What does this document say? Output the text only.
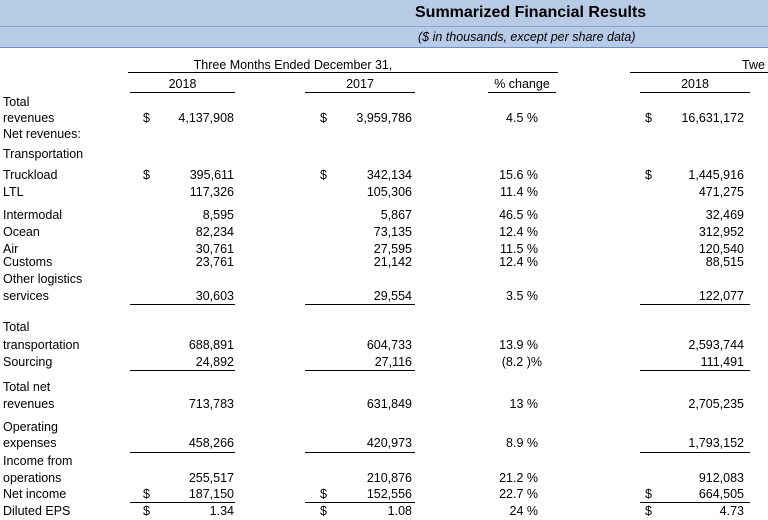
Summarized Financial Results
($ in thousands, except per share data)
Three Months Ended December 31,	Twe
2018	2017	% change	2018
Total
revenues	$	4,137,908	$	3,959,786	4.5 %	$	16,631,172
Net revenues:
Transportation
Truckload	$	395,611	$	342,134	15.6 %	$	1,445,916
LTL	117,326	105,306	11.4 %	471,275
Intermodal	8,595	5,867	46.5 %	32,469
Ocean	82,234	73,135	12.4 %	312,952
Air	30,761	27,595	11.5 %	120,540
Customs	23,761	21,142	12.4 %	88,515
Other logistics
services	30,603	29,554	3.5 %	122,077
Total
transportation	688,891	604,733	13.9 %	2,593,744
Sourcing	24,892	27,116	(8.2 )%	111,491
Total net
revenues	713,783	631,849	13 %	2,705,235
Operating
expenses	458,266	420,973	8.9 %	1,793,152
Income from
operations	255,517	210,876	21.2 %	912,083
Net income	$	187,150	$	152,556	22.7 %	$	664,505
Diluted EPS	$	1.34	$	1.08	24 %	$	4.73
